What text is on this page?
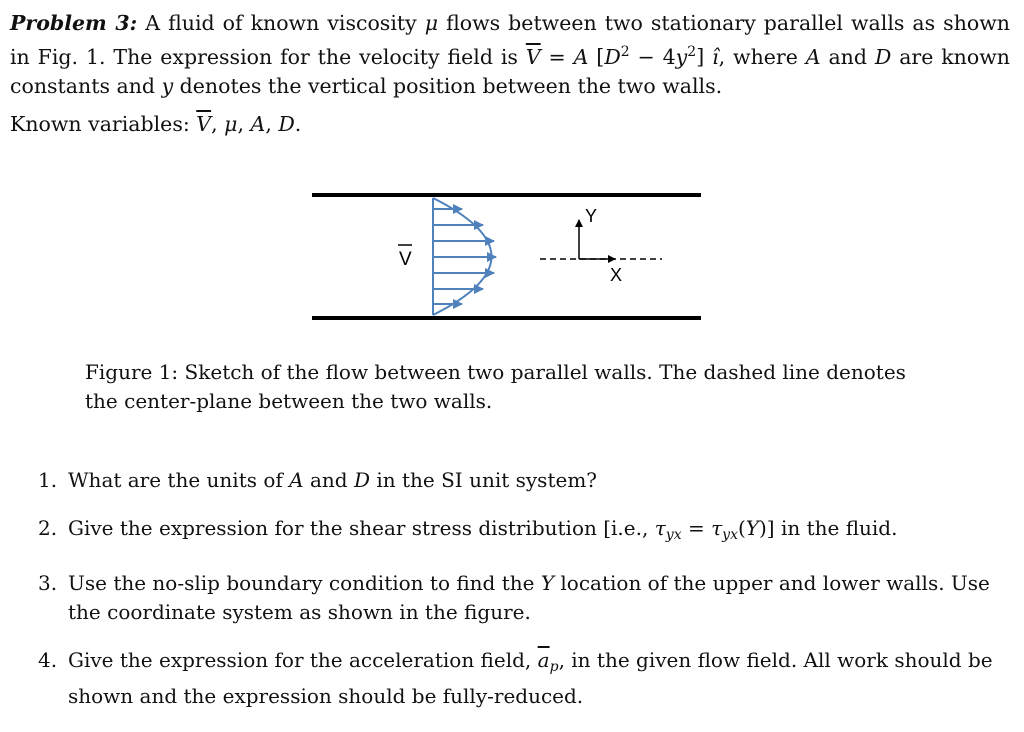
Problem 3: A fluid of known viscosity μ flows between two stationary parallel walls as shown in Fig. 1. The expression for the velocity field is $\overline{V} = A$ $[D^2 - 4y^2]$ î, where A and D are known constants and y denotes the vertical position between the two walls.

Known variables: $\overline{V}$, μ, A, D.

V
Y
X
Figure 1: Sketch of the flow between two parallel walls. The dashed line denotes the center-plane between the two walls.
1. What are the units of A and D in the SI unit system?
2. Give the expression for the shear stress distribution [i.e., $\tau_{yx} = \tau_{yx}(Y)$] in the fluid.
3. Use the no-slip boundary condition to find the Y location of the upper and lower walls. Use the coordinate system as shown in the figure.
4. Give the expression for the acceleration field, $\overline{a}_p$, in the given flow field. All work should be shown and the expression should be fully-reduced.
